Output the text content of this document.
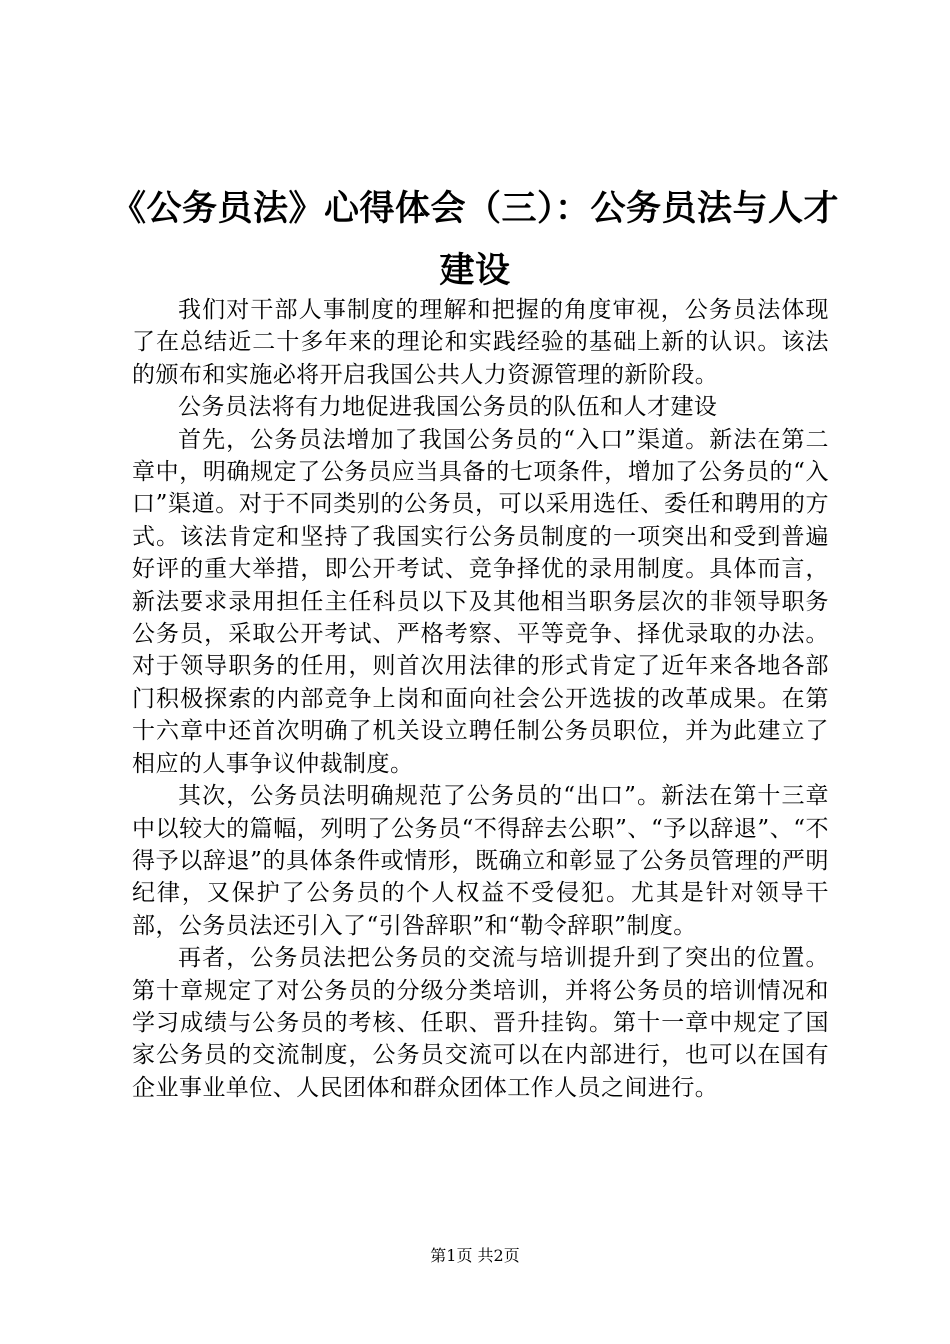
《公务员法》心得体会（三）：公务员法与人才建设

我们对干部人事制度的理解和把握的角度审视，公务员法体现了在总结近二十多年来的理论和实践经验的基础上新的认识。该法的颁布和实施必将开启我国公共人力资源管理的新阶段。

公务员法将有力地促进我国公务员的队伍和人才建设

首先，公务员法增加了我国公务员的“入口”渠道。新法在第二章中，明确规定了公务员应当具备的七项条件，增加了公务员的“入口”渠道。对于不同类别的公务员，可以采用选任、委任和聘用的方式。该法肯定和坚持了我国实行公务员制度的一项突出和受到普遍好评的重大举措，即公开考试、竞争择优的录用制度。具体而言，新法要求录用担任主任科员以下及其他相当职务层次的非领导职务公务员，采取公开考试、严格考察、平等竞争、择优录取的办法。对于领导职务的任用，则首次用法律的形式肯定了近年来各地各部门积极探索的内部竞争上岗和面向社会公开选拔的改革成果。在第十六章中还首次明确了机关设立聘任制公务员职位，并为此建立了相应的人事争议仲裁制度。

其次，公务员法明确规范了公务员的“出口”。新法在第十三章中以较大的篇幅，列明了公务员“不得辞去公职”、“予以辞退”、“不得予以辞退”的具体条件或情形，既确立和彰显了公务员管理的严明纪律，又保护了公务员的个人权益不受侵犯。尤其是针对领导干部，公务员法还引入了“引咎辞职”和“勒令辞职”制度。

再者，公务员法把公务员的交流与培训提升到了突出的位置。第十章规定了对公务员的分级分类培训，并将公务员的培训情况和学习成绩与公务员的考核、任职、晋升挂钩。第十一章中规定了国家公务员的交流制度，公务员交流可以在内部进行，也可以在国有企业事业单位、人民团体和群众团体工作人员之间进行。

第1页 共2页
